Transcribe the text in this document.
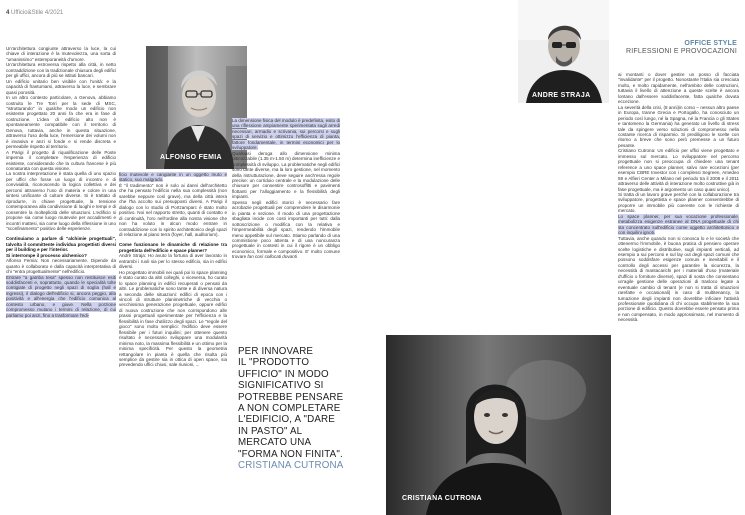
4 Ufficio&Stile 4/2021
OFFICE STYLE
RIFLESSIONI E PROVOCAZIONI

Un'architettura congiunte attraverso la luce, la cui chiave di interazione è la mutevolezza, una sorta di "umanissimo" estemporaneità d'umore.

Un'architettura estroversa rispetto alla città, in netto contraddizione con la tradizionale chiusura degli edifici per gli uffici, ancora di più se istituti bancari.

Un edificio unitario ben visibile con l'unità: e la capacità di frantumarsi, attraverso la luce, e sembrare quasi porosità.

In un altro contesto particolare, a Genova, abbiamo costruito le Tre Torri per la sede di MSC, "istrutturando" in qualche modo un edificio non esistente progettato 20 anni fa che era in fase di costruzione. L'idea di edificio alto non è spontaneamente compatibile con il territorio di Genova, tuttavia, anche in questa situazione, attraverso l'uso della luce, l'emersione dei volumi non è invasiva e anzi si fonde e si rende discreta e permeabile rispetto al territorio.

A Parigi il progetto di riqualificazione delle Poste impernia il completare l'esperienza di edificio esistente, considerando che la cultura francese è più connaturata con questa visione.

La nostra interpretazione è stata quella di uno spazio per uffici che fosse un luogo di incontro e di convivialità, riconoscendo la logica collettiva e dei percorsi attraverso l'uso di materia e colore in una sintesi unificante di culture diverse. Si è trattato di riprodurre, in chiave progettuale, la tensione contemporanea alla condivisione di luoghi e tempi e di consentire la molteplicità delle situazioni. L'edificio si propone sia come luogo mutevole per accadimenti e incontri mattesi, sia come luogo della riflessione in uno "sconfinamento" positivo delle esperienze.

Continuiamo a parlare di "alchimie progettuali", talvolta il committente individua progettisti diversi per il building e per l'interior.

Si interrompe il processo alchemico?

Alfonso Femia: Non necessariamente. Dipende da quanto è collaborato e dalla capacità interpretativa di chi "entra progettualmente" nell'edificio.

Entrare "a gamba tesa" spesso non restituisce esiti soddisfacenti e, soprattutto, quando le specialità tolte contigiate di progetto negli spazi di soglia (hall e ingressi), il dialogo dell'edificio si, ancora peggio, alla positività e all'energia che l'edificio comunica al contesto urbano, e giuve. Nella porzione compromesso mutano i termini di relazione, di cui parliamo poi anzi, fino a trasformare l'edi-

ALFONSO FEMIA

ficio mutevole e cangiante in un oggetto muto e statico, suo malgrado.

È "il tradimento" non è solo ai danni dell'architetto che ha pensato l'edificio nella sua complessità (non sarebbe neppure così grave), ma della città intera che l'ha accolto sui presupposti diversi. A Parigi il dialogo con lo studio di Portzamparc è stato molto positivo. Noi nel rapporto stretto, quanti di contatto e di continuità, l'oro nell'ordine alla nostra visione che non ha voluto in alcun modo entrare in contraddizione con lo spirito architettonico degli spazi di relazione al piano terra (foyer, hall, auditorium).

Come funzionano le dinamiche di relazione tra progettista dell'edificio e space planner?

Andrè Straja: Ho avuto la fortuna di aver lavorato in entrambi i ruoli sia per lo stesso edificio, sia in edifici diversi.

Ho progettato immobili nei quali poi lo space planning è stato curato da altri colleghi, o viceversa, ho curato lo space planning in edifici recuperati o pensati da altri. Le problematiche sono tante e di diversa natura a seconda delle situazioni: edifici di epoca con i vincoli di strutture planimetriche di vecchia o vecchissima generazione progettuale, oppure edifici di nuova costruzione che non corrispondono alle prassi progettuali sperimentate per l'efficienza e la flessibilità in fase d'utilizzo degli spazi. Le "regole del gioco" sono molto semplici: l'edificio deve essere flessibile per i futuri inquilini; per ottenere questo risultato è necessario sviluppare una modularità minima noto, la massima flessibilità e un ottimo per la minima specificità. Per questo la geometria rettangolare in pianta è quella che risulta più semplice da gestire sia in ottica di open space, sia prevedendo uffici chiusi, sale riunioni, ...

La dimensione fisica del modulo è predefinita, esito di una riflessione ampiamente sperimentata sugli arredi necessari, armadio e scrivania, sui percorsi e sugli spazi di servizio e ottimizzo l'efficienza di pianta, fattore fondamentale, in termini economici per lo sviluppatore.

Qualsiasi deroga allo dimensione minima ottimizzabile (1.35 m-1.50 m) determina inefficienze e complessità di sviluppo. La problematiche negli edifici sono tante diverse, ma la loro gestione, nel momento della ristrutturazione, deve seguire anch'essa regole precise: un corridoio centrale e la modulazione delle chiusure per consentire controsoffitti e pavimenti flottanti per l'alloggiamento e la flessibilità degli impianti.

Spesso negli edifici storici è necessario fare acrobazie progettuali per comprendere le disarmonie in pianta e sezione. Il modo di una progettazione sbagliata incide con costi importanti per tutti: dalla sottoscrizione o modifica con la relativa e l'impermeabilità degli spazi, rendendo l'immobile meno appetibile sul mercato. Stiamo parlando di una commistione poco attenta e di una noncuranza progettuale in contesti in cui il rigore è un obbligo economico, formale e compositivo. E' molto comune trovare fan così collocati dovanti

ANDRE STRAJA

ai montanti o dover gestire un posso di facciata "invalidante" per il progetto. Nonostante l'Italia sia cresciuta molto, e molto rapidamente, nell'ambito delle costruzioni, tuttavia il livello di attenzione a queste scelte è ancora lontano dall'essere soddisfacente, fatta qualche dovuta eccezione.

La severità della crisi, (8 anni)in corso – nessun altro paese in Europa, tranne Grecia e Portogallo, ha conosciuto un periodo così lungo, né la Spagna, né la Francia o gli States e tantomeno la Germania) ha generato un livello di stress tale da spingere verso soluzioni di compromesso nella costante ricerca di risparmio. Si prediligono le scelte con ritorno a breve che sono però premesse a un futuro pesante.

Cristiano Cutrona: Un edificio per uffici viene progettato e immesso sul mercato. Lo sviluppatore nel percorso progettuale non si preoccupa di chiedere una tenant reference a uno space planner, salvo rare eccezioni (per esempio CBRE Investor con i complessi Segreen, Amedeo 59 e Alfieri Center a Milano nel periodo tra il 2008 e il 2011 attraverso delle attività di interazione molto costruttive già in fase progettuale, ma è argomento un caso quasi unico).

Si tratta di un lavoro grave perché con la collaborazione tra sviluppatore, progettista e space planner consentirebbe di proporre un immobile più coerente con le richieste di mercato.

Lo space planner, per sua vocazione professionale, metabolizza esigenze estranee al DNA progettuale di chi sta concentrato sull'edificio come oggetto architettonico e con inquilini ignoti.

Tuttavia, anche quando non si conosca lo e le società che ottenermo l'immobile, è buona pratica di pensiero operare scelte logistiche e distributive, sugli impianti verticali, ad esempio a sui percorsi e sul lay out degli spazi comuni che possono soddisfare esigenze comuni e inevitabili e il controllo degli accessi per garantire la sicurezza, la necessità di mantacarichi per i materiali d'uso (materiale d'ufficio o forniture diverse), spazi di sosta che consentano un'agile gestione delle operazioni di trasloco legate a eventuale cambio di tenant (e non si tratta di situazioni rarefatte e occasionali) in caso di multitenancy, la tumazione degli impianti non dovrebbe inficiare l'attività professionale quotidiana di chi occupa stabilmente la sua porzione di edificio. Questo dovrebbe essere pensato prima e non compensato, in modo approssimato, nel momento di necessità.

CRISTIANA CUTRONA
PER INNOVARE
IL "PRODOTTO
UFFICIO" IN MODO
SIGNIFICATIVO SI
POTREBBE PENSARE
A NON COMPLETARE
L'EDIFICIO, A "DARE
IN PASTO" AL
MERCATO UNA
"FORMA NON FINITA".
CRISTIANA CUTRONA
